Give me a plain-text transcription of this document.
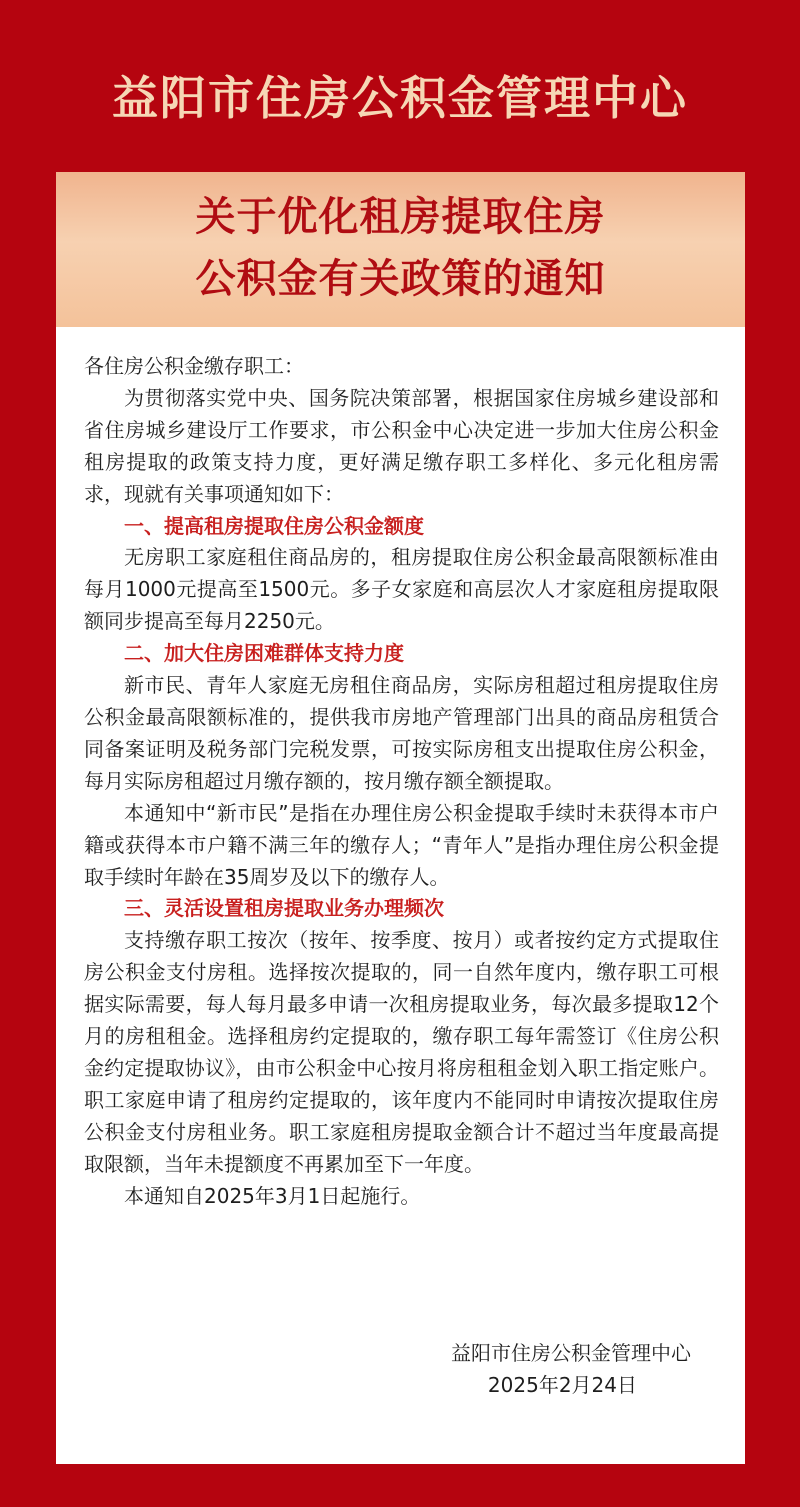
益阳市住房公积金管理中心
关于优化租房提取住房
公积金有关政策的通知

各住房公积金缴存职工：

为贯彻落实党中央、国务院决策部署，根据国家住房城乡建设部和省住房城乡建设厅工作要求，市公积金中心决定进一步加大住房公积金租房提取的政策支持力度，更好满足缴存职工多样化、多元化租房需求，现就有关事项通知如下：

一、提高租房提取住房公积金额度

无房职工家庭租住商品房的，租房提取住房公积金最高限额标准由每月1000元提高至1500元。多子女家庭和高层次人才家庭租房提取限额同步提高至每月2250元。

二、加大住房困难群体支持力度

新市民、青年人家庭无房租住商品房，实际房租超过租房提取住房公积金最高限额标准的，提供我市房地产管理部门出具的商品房租赁合同备案证明及税务部门完税发票，可按实际房租支出提取住房公积金，每月实际房租超过月缴存额的，按月缴存额全额提取。

本通知中“新市民”是指在办理住房公积金提取手续时未获得本市户籍或获得本市户籍不满三年的缴存人；“青年人”是指办理住房公积金提取手续时年龄在35周岁及以下的缴存人。

三、灵活设置租房提取业务办理频次

支持缴存职工按次（按年、按季度、按月）或者按约定方式提取住房公积金支付房租。选择按次提取的，同一自然年度内，缴存职工可根据实际需要，每人每月最多申请一次租房提取业务，每次最多提取12个月的房租租金。选择租房约定提取的，缴存职工每年需签订《住房公积金约定提取协议》，由市公积金中心按月将房租租金划入职工指定账户。职工家庭申请了租房约定提取的，该年度内不能同时申请按次提取住房公积金支付房租业务。职工家庭租房提取金额合计不超过当年度最高提取限额，当年未提额度不再累加至下一年度。

本通知自2025年3月1日起施行。

益阳市住房公积金管理中心
2025年2月24日
